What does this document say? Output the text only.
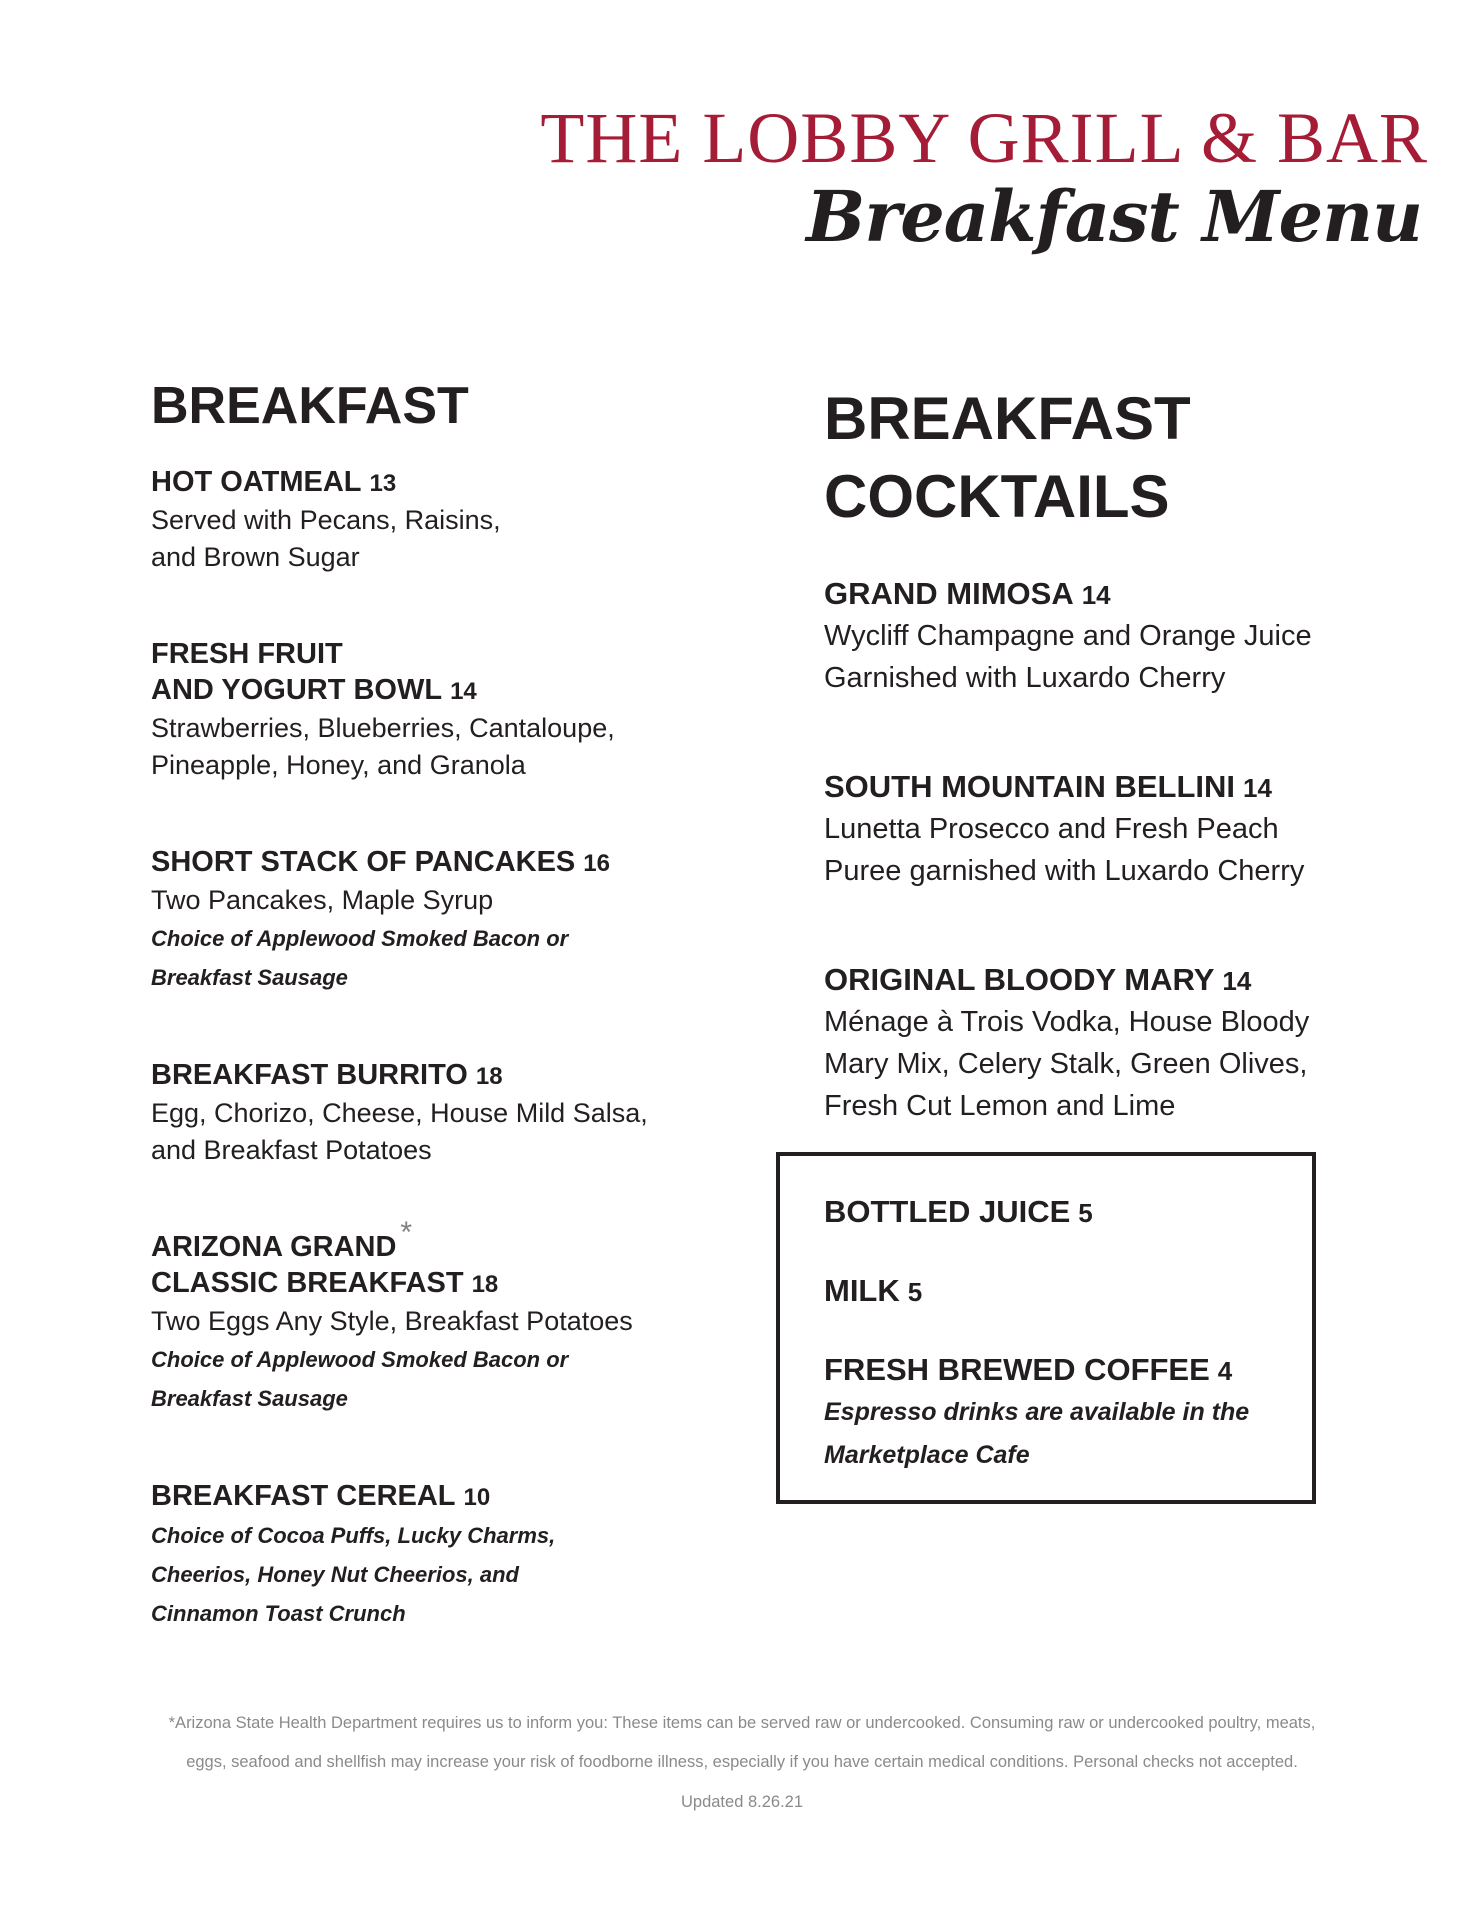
THE LOBBY GRILL & BAR
Breakfast Menu
BREAKFAST
HOT OATMEAL 13
Served with Pecans, Raisins,
and Brown Sugar
FRESH FRUIT
AND YOGURT BOWL 14
Strawberries, Blueberries, Cantaloupe,
Pineapple, Honey, and Granola
SHORT STACK OF PANCAKES 16
Two Pancakes, Maple Syrup
Choice of Applewood Smoked Bacon or
Breakfast Sausage
BREAKFAST BURRITO 18
Egg, Chorizo, Cheese, House Mild Salsa,
and Breakfast Potatoes
ARIZONA GRAND *
CLASSIC BREAKFAST 18
Two Eggs Any Style, Breakfast Potatoes
Choice of Applewood Smoked Bacon or
Breakfast Sausage
BREAKFAST CEREAL 10
Choice of Cocoa Puffs, Lucky Charms,
Cheerios, Honey Nut Cheerios, and
Cinnamon Toast Crunch
BREAKFAST
COCKTAILS
GRAND MIMOSA 14
Wycliff Champagne and Orange Juice
Garnished with Luxardo Cherry
SOUTH MOUNTAIN BELLINI 14
Lunetta Prosecco and Fresh Peach
Puree garnished with Luxardo Cherry
ORIGINAL BLOODY MARY 14
Ménage à Trois Vodka, House Bloody
Mary Mix, Celery Stalk, Green Olives,
Fresh Cut Lemon and Lime
BOTTLED JUICE 5
MILK 5
FRESH BREWED COFFEE 4
Espresso drinks are available in the
Marketplace Cafe
*Arizona State Health Department requires us to inform you: These items can be served raw or undercooked. Consuming raw or undercooked poultry, meats,
eggs, seafood and shellfish may increase your risk of foodborne illness, especially if you have certain medical conditions. Personal checks not accepted.
Updated 8.26.21
